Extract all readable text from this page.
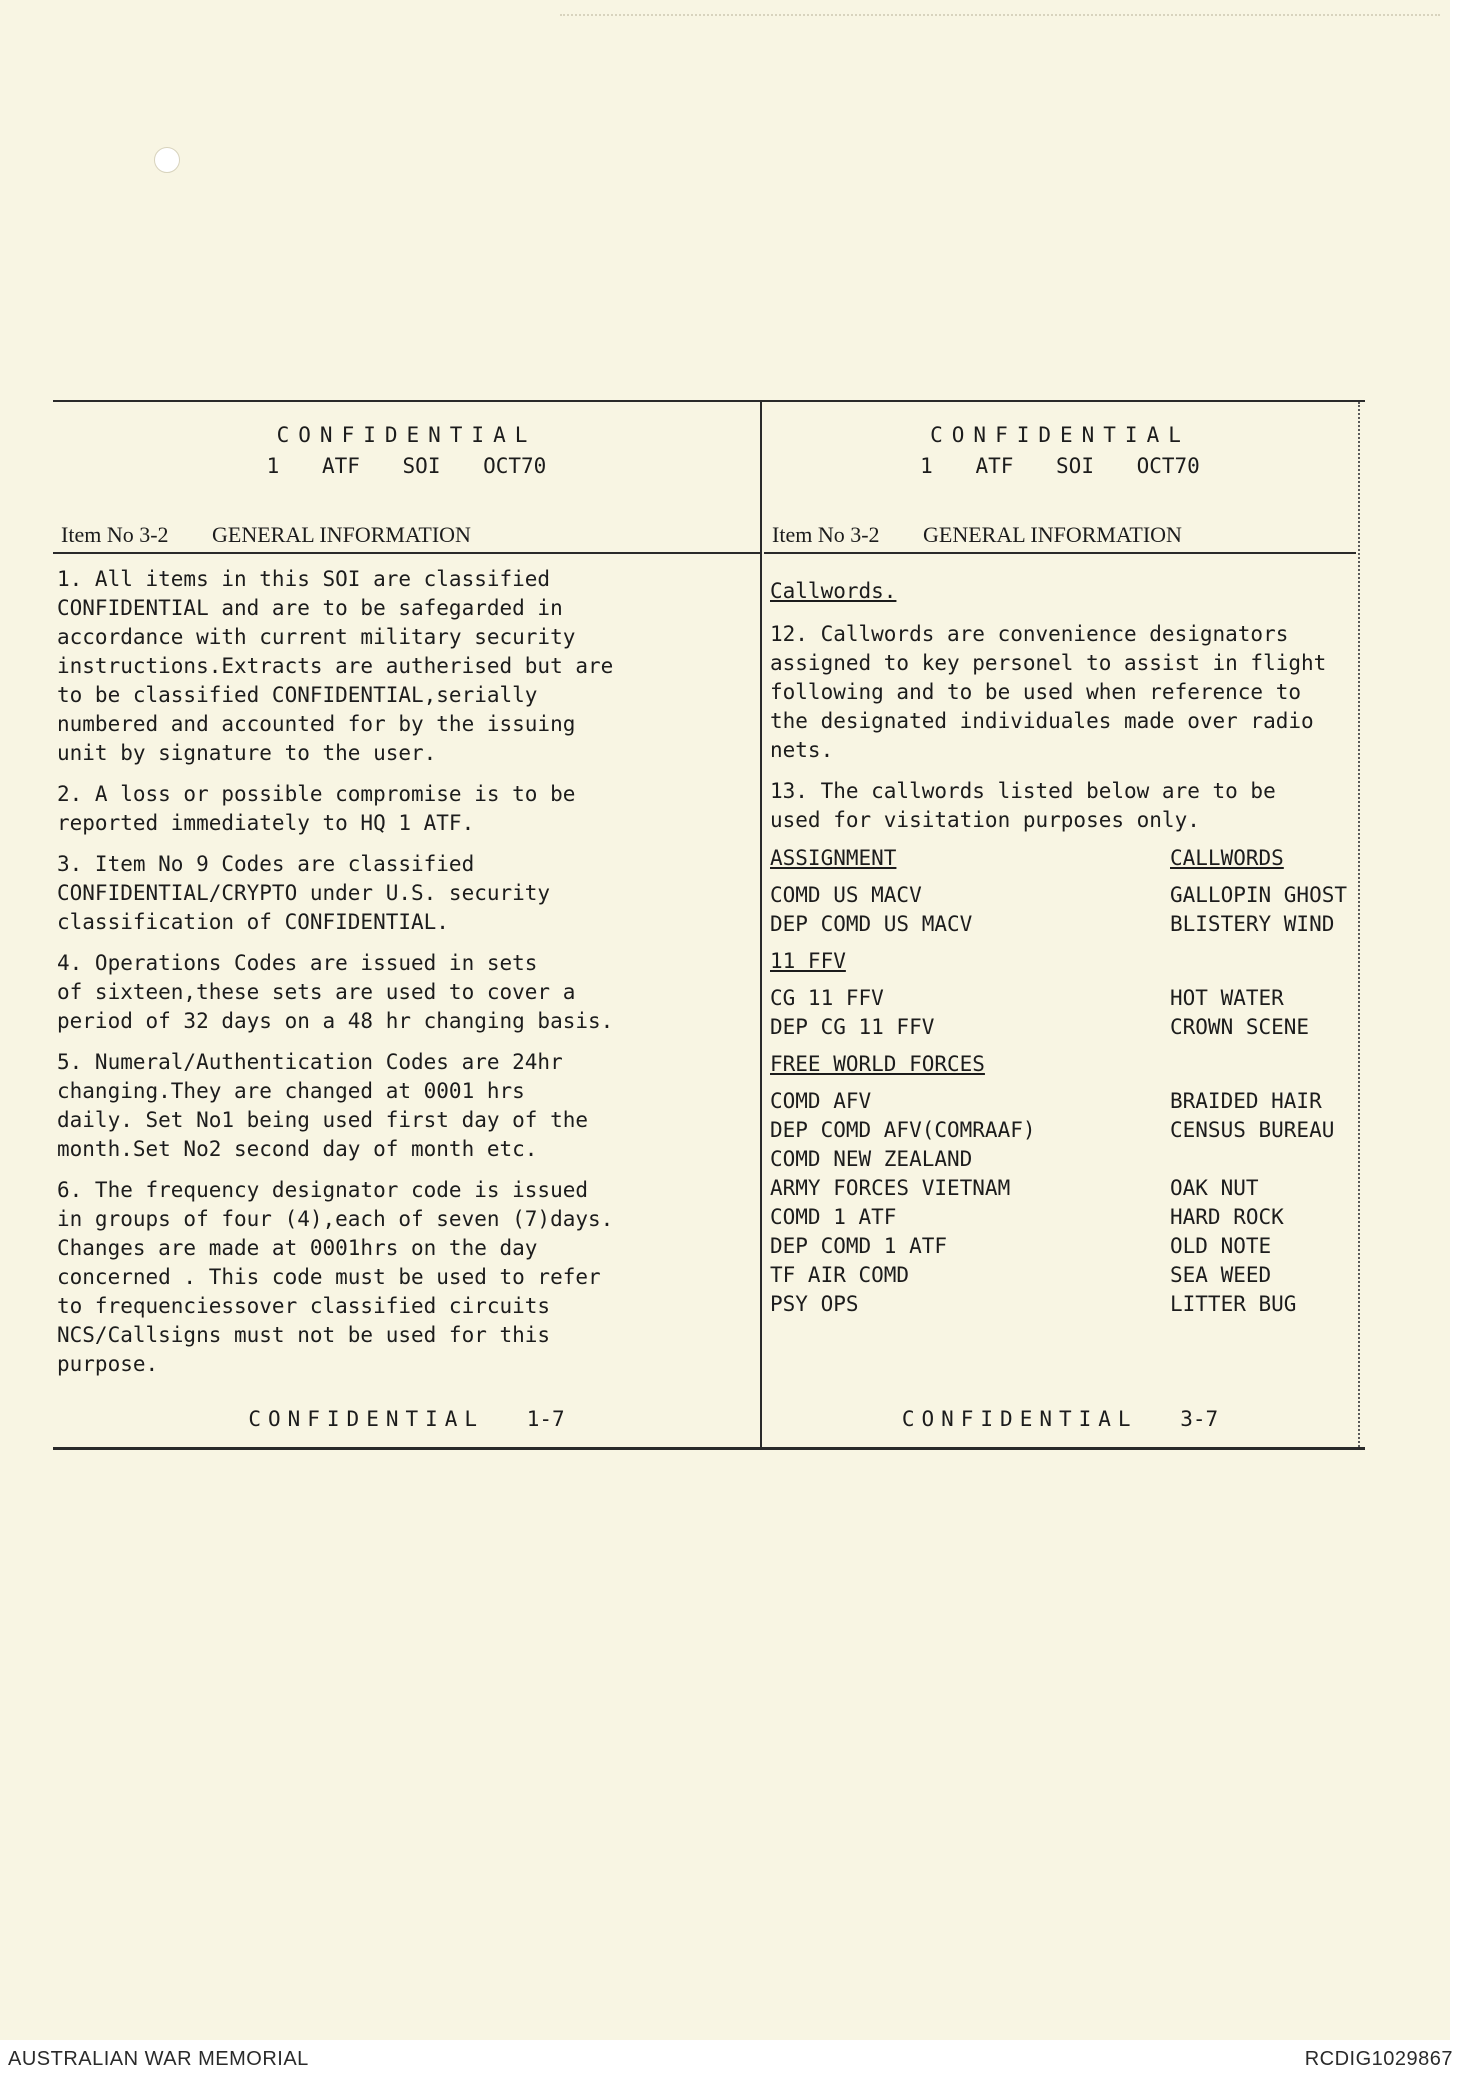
CONFIDENTIAL
1 ATF SOI OCT70
Item No 3-2 GENERAL INFORMATION

1. All items in this SOI are classified
CONFIDENTIAL and are to be safegarded in
accordance with current military security
instructions.Extracts are autherised but are
to be classified CONFIDENTIAL,serially
numbered and accounted for by the issuing
unit by signature to the user.

2. A loss or possible compromise is to be
reported immediately to HQ 1 ATF.

3. Item No 9 Codes are classified
CONFIDENTIAL/CRYPTO under U.S. security
classification of CONFIDENTIAL.

4. Operations Codes are issued in sets
of sixteen,these sets are used to cover a
period of 32 days on a 48 hr changing basis.

5. Numeral/Authentication Codes are 24hr
changing.They are changed at 0001 hrs
daily. Set No1 being used first day of the
month.Set No2 second day of month etc.

6. The frequency designator code is issued
in groups of four (4),each of seven (7)days.
Changes are made at 0001hrs on the day
concerned . This code must be used to refer
to frequenciessover classified circuits
NCS/Callsigns must not be used for this
purpose.

CONFIDENTIAL 1-7
CONFIDENTIAL
1 ATF SOI OCT70
Item No 3-2 GENERAL INFORMATION
Callwords.

12. Callwords are convenience designators
assigned to key personel to assist in flight
following and to be used when reference to
the designated individuales made over radio
nets.

13. The callwords listed below are to be
used for visitation purposes only.

ASSIGNMENT	CALLWORDS
COMD US MACV	GALLOPIN GHOST
DEP COMD US MACV	BLISTERY WIND
11 FFV
CG 11 FFV	HOT WATER
DEP CG 11 FFV	CROWN SCENE
FREE WORLD FORCES
COMD AFV	BRAIDED HAIR
DEP COMD AFV(COMRAAF)	CENSUS BUREAU
COMD NEW ZEALAND
ARMY FORCES VIETNAM	OAK NUT
COMD 1 ATF	HARD ROCK
DEP COMD 1 ATF	OLD NOTE
TF AIR COMD	SEA WEED
PSY OPS	LITTER BUG
CONFIDENTIAL 3-7
AUSTRALIAN WAR MEMORIAL	RCDIG1029867
